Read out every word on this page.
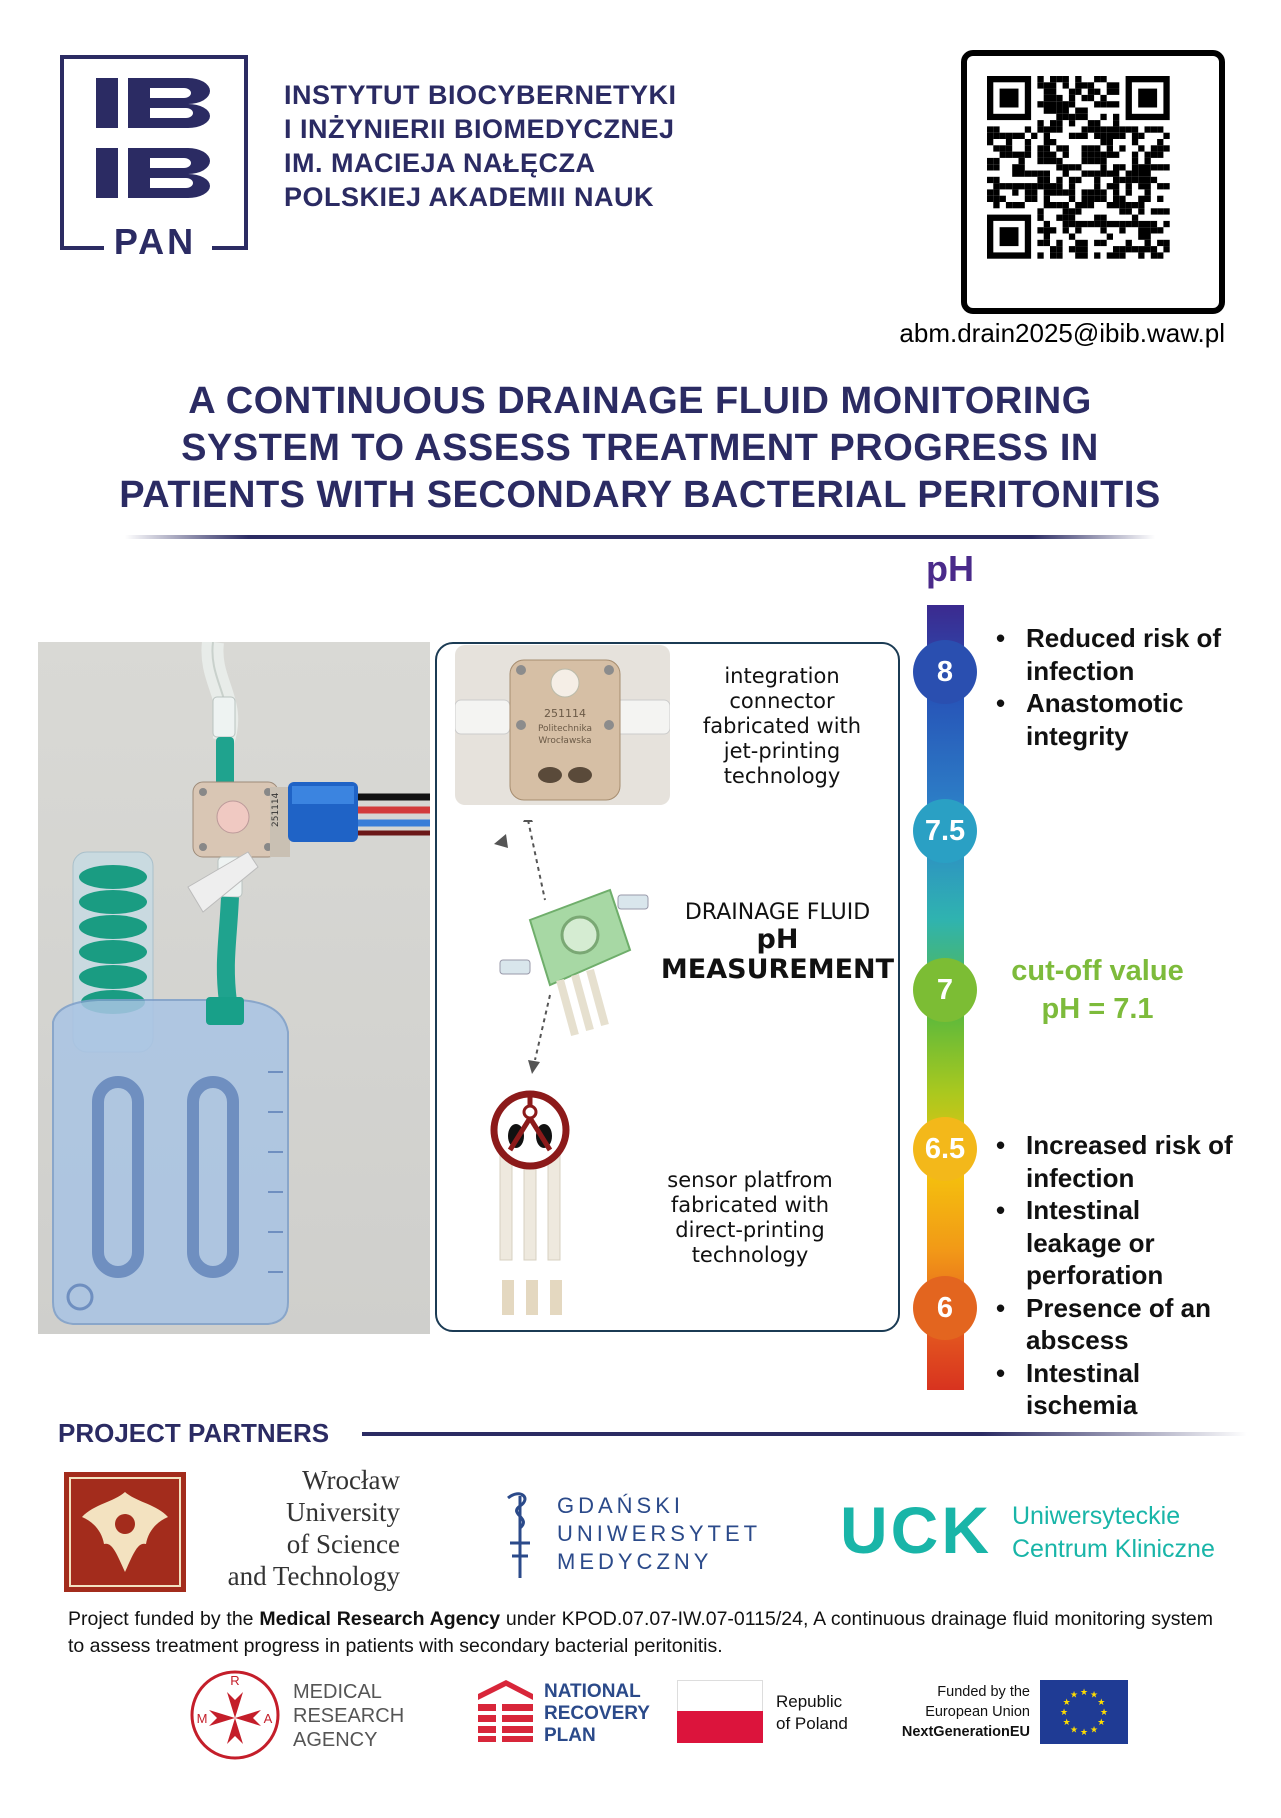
PAN
INSTYTUT BIOCYBERNETYKI
I INŻYNIERII BIOMEDYCZNEJ
IM. MACIEJA NAŁĘCZA
POLSKIEJ AKADEMII NAUK
abm.drain2025@ibib.waw.pl
A CONTINUOUS DRAINAGE FLUID MONITORING
SYSTEM TO ASSESS TREATMENT PROGRESS IN
PATIENTS WITH SECONDARY BACTERIAL PERITONITIS
251114
251114
Politechnika
Wrocławska
integration
connector
fabricated with
jet-printing
technology
DRAINAGE FLUID
pH
MEASUREMENT
sensor platfrom
fabricated with
direct-printing
technology
pH
8
7.5
7
6.5
6
• Reduced risk of infection
• Anastomotic integrity
cut-off value
pH = 7.1
• Increased risk of infection
• Intestinal leakage or perforation
• Presence of an abscess
• Intestinal ischemia
PROJECT PARTNERS
Wrocław
University
of Science
and Technology
GDAŃSKI
UNIWERSYTET
MEDYCZNY	UCK Uniwersyteckie
Centrum Kliniczne
Project funded by the Medical Research Agency under KPOD.07.07-IW.07-0115/24, A continuous drainage fluid monitoring system to assess treatment progress in patients with secondary bacterial peritonitis.
R
M	A
MEDICAL
RESEARCH
AGENCY
NATIONAL
RECOVERY
PLAN
Republic
of Poland
Funded by the
European Union
NextGenerationEU
★
★
★
★
★
★
★
★
★ ★ ★
★
